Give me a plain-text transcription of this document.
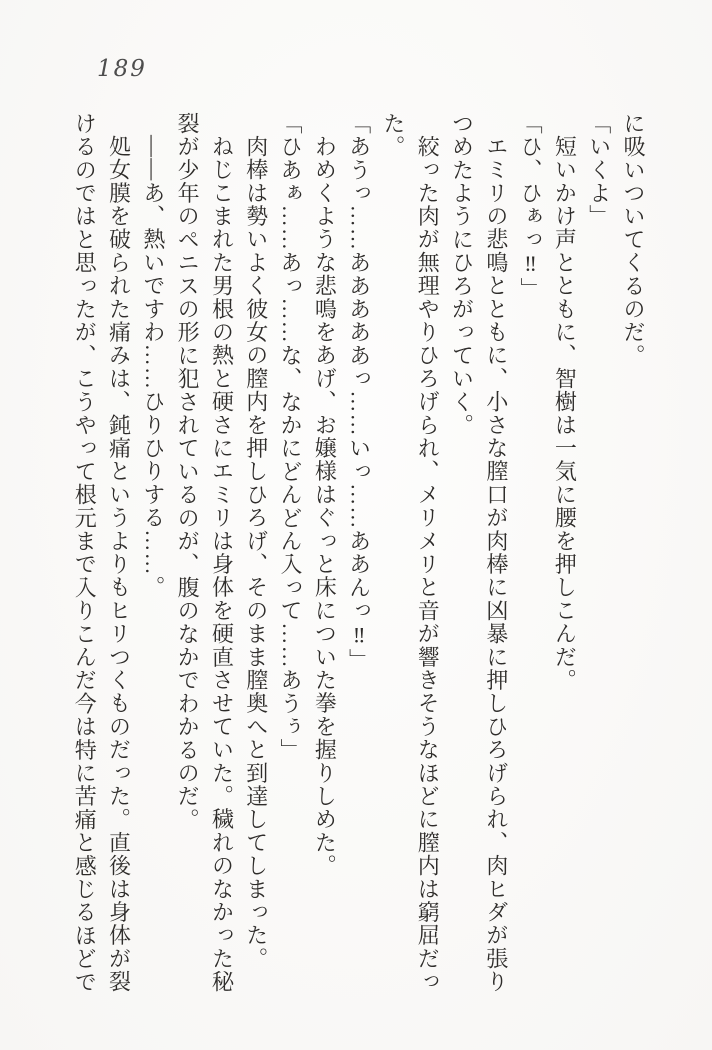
189
に吸いついてくるのだ。
「いくよ」
短いかけ声とともに、智樹は一気に腰を押しこんだ。
「ひ、ひぁっ‼」
エミリの悲鳴とともに、小さな膣口が肉棒に凶暴に押しひろげられ、肉ヒダが張り
つめたようにひろがっていく。
絞った肉が無理やりひろげられ、メリメリと音が響きそうなほどに膣内は窮屈だっ
た。
「あうっ……あああああっ……いっ……ああんっ‼」
わめくような悲鳴をあげ、お嬢様はぐっと床についた拳を握りしめた。
「ひあぁ……あっ……な、なかにどんどん入って……あうぅ」
肉棒は勢いよく彼女の膣内を押しひろげ、そのまま膣奥へと到達してしまった。
ねじこまれた男根の熱と硬さにエミリは身体を硬直させていた。穢れのなかった秘
裂が少年のペニスの形に犯されているのが、腹のなかでわかるのだ。
――あ、熱いですわ……ひりひりする……。
処女膜を破られた痛みは、鈍痛というよりもヒリつくものだった。直後は身体が裂
けるのではと思ったが、こうやって根元まで入りこんだ今は特に苦痛と感じるほどで
